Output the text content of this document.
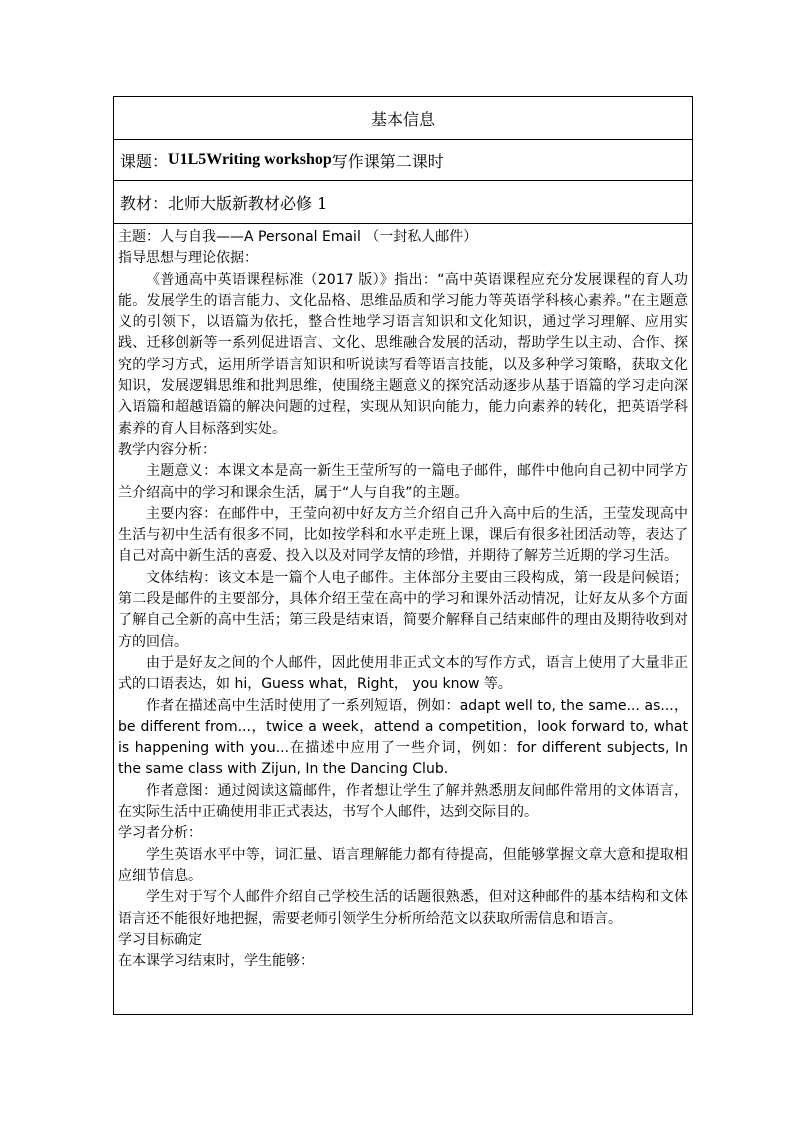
基本信息
课题： U1L5Writing workshop 写作课第二课时
教材：北师大版新教材必修 1

主题：人与自我——A Personal Email （一封私人邮件）

指导思想与理论依据：

《普通高中英语课程标准（2017 版）》指出：“高中英语课程应充分发展课程的育人功能。发展学生的语言能力、文化品格、思维品质和学习能力等英语学科核心素养。”在主题意义的引领下，以语篇为依托，整合性地学习语言知识和文化知识，通过学习理解、应用实践、迁移创新等一系列促进语言、文化、思维融合发展的活动，帮助学生以主动、合作、探究的学习方式，运用所学语言知识和听说读写看等语言技能，以及多种学习策略，获取文化知识，发展逻辑思维和批判思维，使围绕主题意义的探究活动逐步从基于语篇的学习走向深入语篇和超越语篇的解决问题的过程，实现从知识向能力，能力向素养的转化，把英语学科素养的育人目标落到实处。

教学内容分析：

主题意义：本课文本是高一新生王莹所写的一篇电子邮件，邮件中他向自己初中同学方兰介绍高中的学习和课余生活，属于“人与自我”的主题。

主要内容：在邮件中，王莹向初中好友方兰介绍自己升入高中后的生活，王莹发现高中生活与初中生活有很多不同，比如按学科和水平走班上课，课后有很多社团活动等，表达了自己对高中新生活的喜爱、投入以及对同学友情的珍惜，并期待了解芳兰近期的学习生活。

文体结构：该文本是一篇个人电子邮件。主体部分主要由三段构成，第一段是问候语；第二段是邮件的主要部分，具体介绍王莹在高中的学习和课外活动情况，让好友从多个方面了解自己全新的高中生活；第三段是结束语，简要介解释自己结束邮件的理由及期待收到对方的回信。

由于是好友之间的个人邮件，因此使用非正式文本的写作方式，语言上使用了大量非正式的口语表达，如 hi，Guess what，Right， you know 等。

作者在描述高中生活时使用了一系列短语，例如：adapt well to, the same... as...，be different from...，twice a week，attend a competition，look forward to, what is happening with you...在描述中应用了一些介词，例如：for different subjects, In the same class with Zijun, In the Dancing Club.

作者意图：通过阅读这篇邮件，作者想让学生了解并熟悉朋友间邮件常用的文体语言，在实际生活中正确使用非正式表达，书写个人邮件，达到交际目的。

学习者分析：

学生英语水平中等，词汇量、语言理解能力都有待提高，但能够掌握文章大意和提取相应细节信息。

学生对于写个人邮件介绍自己学校生活的话题很熟悉，但对这种邮件的基本结构和文体语言还不能很好地把握，需要老师引领学生分析所给范文以获取所需信息和语言。

学习目标确定

在本课学习结束时，学生能够：
